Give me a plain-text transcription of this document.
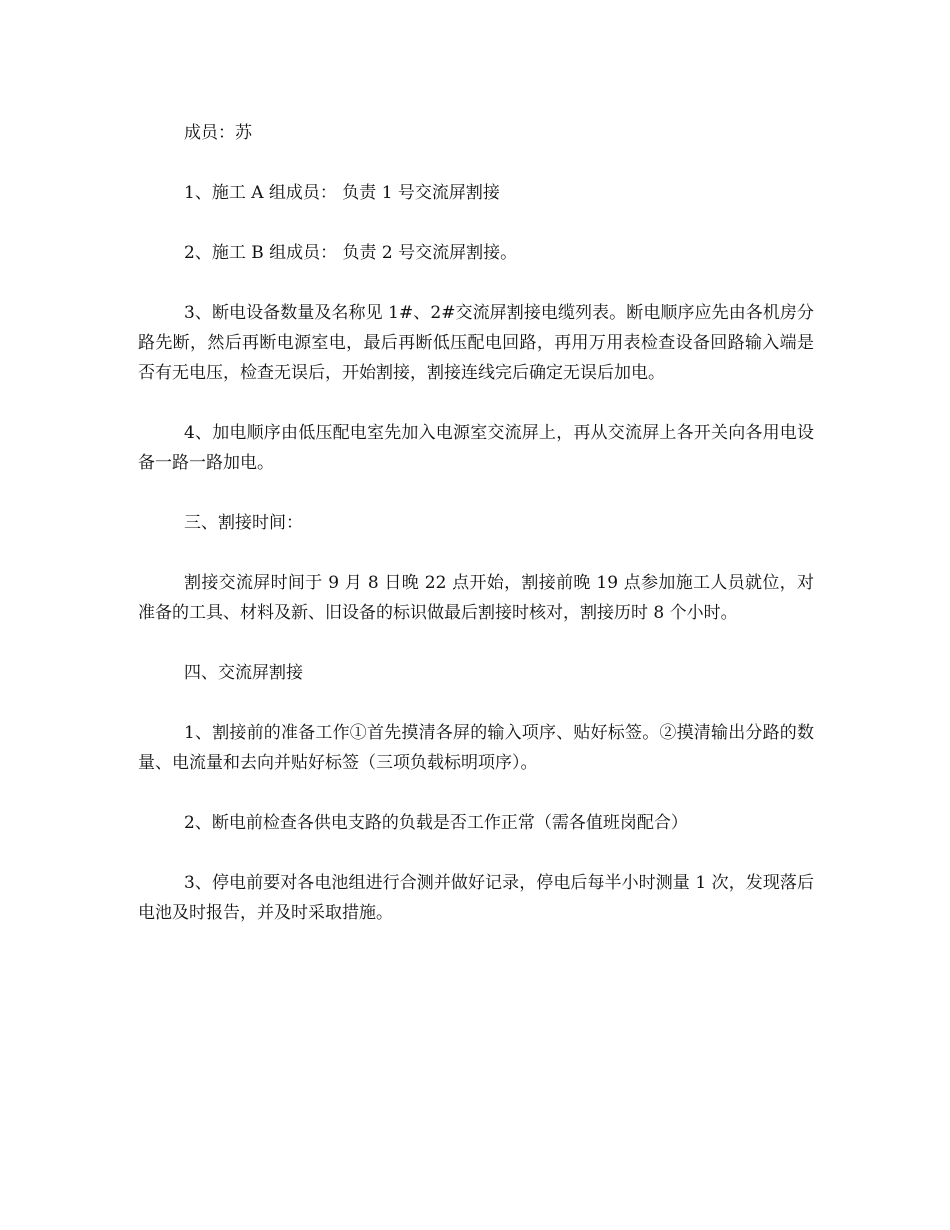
成员：苏

1、施工 A 组成员： 负责 1 号交流屏割接

2、施工 B 组成员： 负责 2 号交流屏割接。

3、断电设备数量及名称见 1#、2#交流屏割接电缆列表。断电顺序应先由各机房分路先断，然后再断电源室电，最后再断低压配电回路，再用万用表检查设备回路输入端是否有无电压，检查无误后，开始割接，割接连线完后确定无误后加电。

4、加电顺序由低压配电室先加入电源室交流屏上，再从交流屏上各开关向各用电设备一路一路加电。

三、割接时间：

割接交流屏时间于 9 月 8 日晚 22 点开始，割接前晚 19 点参加施工人员就位，对准备的工具、材料及新、旧设备的标识做最后割接时核对，割接历时 8 个小时。

四、交流屏割接

1、割接前的准备工作①首先摸清各屏的输入项序、贴好标签。②摸清输出分路的数量、电流量和去向并贴好标签（三项负载标明项序）。

2、断电前检查各供电支路的负载是否工作正常（需各值班岗配合）

3、停电前要对各电池组进行合测并做好记录，停电后每半小时测量 1 次，发现落后电池及时报告，并及时采取措施。
